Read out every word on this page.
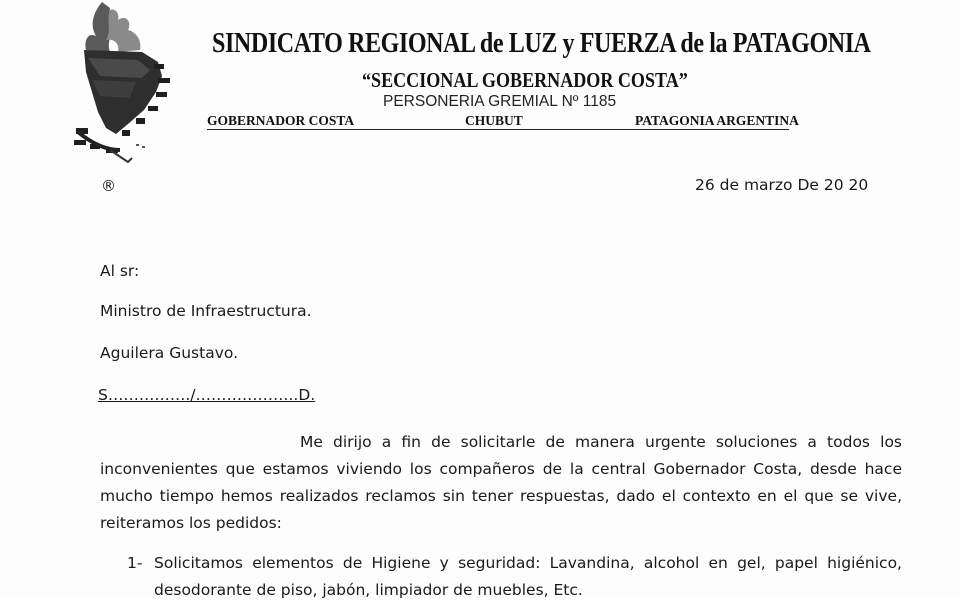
SINDICATO REGIONAL de LUZ y FUERZA de la PATAGONIA
“SECCIONAL GOBERNADOR COSTA”
PERSONERIA GREMIAL Nº 1185
GOBERNADOR COSTA	CHUBUT	PATAGONIA ARGENTINA
®	26 de marzo De 20 20
Al sr:
Ministro de Infraestructura.
Aguilera Gustavo.
S……………./………………..D.
Me dirijo a fin de solicitarle de manera urgente soluciones a todos los inconvenientes que estamos viviendo los compañeros de la central Gobernador Costa, desde hace mucho tiempo hemos realizados reclamos sin tener respuestas, dado el contexto en el que se vive, reiteramos los pedidos:
1- Solicitamos elementos de Higiene y seguridad: Lavandina, alcohol en gel, papel higiénico, desodorante de piso, jabón, limpiador de muebles, Etc.
